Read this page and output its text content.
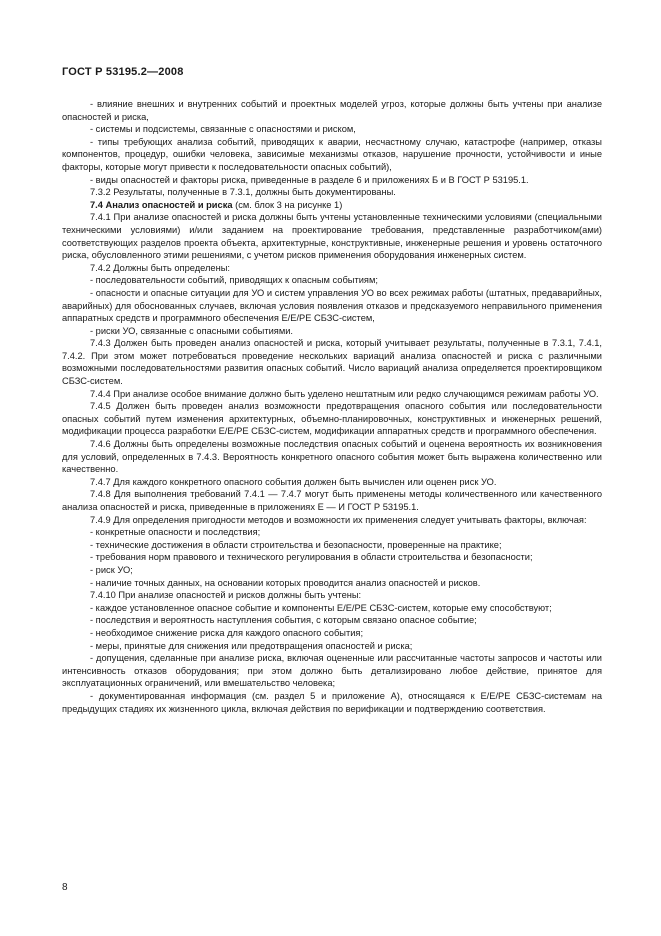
ГОСТ Р 53195.2—2008

- влияние внешних и внутренних событий и проектных моделей угроз, которые должны быть учтены при анализе опасностей и риска,

- системы и подсистемы, связанные с опасностями и риском,

- типы требующих анализа событий, приводящих к аварии, несчастному случаю, катастрофе (например, отказы компонентов, процедур, ошибки человека, зависимые механизмы отказов, нарушение прочности, устойчивости и иные факторы, которые могут привести к последовательности опасных событий),

- виды опасностей и факторы риска, приведенные в разделе 6 и приложениях Б и В ГОСТ Р 53195.1.

7.3.2 Результаты, полученные в 7.3.1, должны быть документированы.

7.4 Анализ опасностей и риска (см. блок 3 на рисунке 1)

7.4.1 При анализе опасностей и риска должны быть учтены установленные техническими условиями (специальными техническими условиями) и/или заданием на проектирование требования, представленные разработчиком(ами) соответствующих разделов проекта объекта, архитектурные, конструктивные, инженерные решения и уровень остаточного риска, обусловленного этими решениями, с учетом рисков применения оборудования инженерных систем.

7.4.2 Должны быть определены:

- последовательности событий, приводящих к опасным событиям;

- опасности и опасные ситуации для УО и систем управления УО во всех режимах работы (штатных, предаварийных, аварийных) для обоснованных случаев, включая условия появления отказов и предсказуемого неправильного применения аппаратных средств и программного обеспечения Е/Е/РЕ СБЗС-систем,

- риски УО, связанные с опасными событиями.

7.4.3 Должен быть проведен анализ опасностей и риска, который учитывает результаты, полученные в 7.3.1, 7.4.1, 7.4.2. При этом может потребоваться проведение нескольких вариаций анализа опасностей и риска с различными возможными последовательностями развития опасных событий. Число вариаций анализа определяется проектировщиком СБЗС-систем.

7.4.4 При анализе особое внимание должно быть уделено нештатным или редко случающимся режимам работы УО.

7.4.5 Должен быть проведен анализ возможности предотвращения опасного события или последовательности опасных событий путем изменения архитектурных, объемно-планировочных, конструктивных и инженерных решений, модификации процесса разработки Е/Е/РЕ СБЗС-систем, модификации аппаратных средств и программного обеспечения.

7.4.6 Должны быть определены возможные последствия опасных событий и оценена вероятность их возникновения для условий, определенных в 7.4.3. Вероятность конкретного опасного события может быть выражена количественно или качественно.

7.4.7 Для каждого конкретного опасного события должен быть вычислен или оценен риск УО.

7.4.8 Для выполнения требований 7.4.1 — 7.4.7 могут быть применены методы количественного или качественного анализа опасностей и риска, приведенные в приложениях Е — И ГОСТ Р 53195.1.

7.4.9 Для определения пригодности методов и возможности их применения следует учитывать факторы, включая:

- конкретные опасности и последствия;

- технические достижения в области строительства и безопасности, проверенные на практике;

- требования норм правового и технического регулирования в области строительства и безопасности;

- риск УО;

- наличие точных данных, на основании которых проводится анализ опасностей и рисков.

7.4.10 При анализе опасностей и рисков должны быть учтены:

- каждое установленное опасное событие и компоненты Е/Е/РЕ СБЗС-систем, которые ему способствуют;

- последствия и вероятность наступления события, с которым связано опасное событие;

- необходимое снижение риска для каждого опасного события;

- меры, принятые для снижения или предотвращения опасностей и риска;

- допущения, сделанные при анализе риска, включая оцененные или рассчитанные частоты запросов и частоты или интенсивность отказов оборудования; при этом должно быть детализировано любое действие, принятое для эксплуатационных ограничений, или вмешательство человека;

- документированная информация (см. раздел 5 и приложение А), относящаяся к Е/Е/РЕ СБЗС-системам на предыдущих стадиях их жизненного цикла, включая действия по верификации и подтверждению соответствия.

8
